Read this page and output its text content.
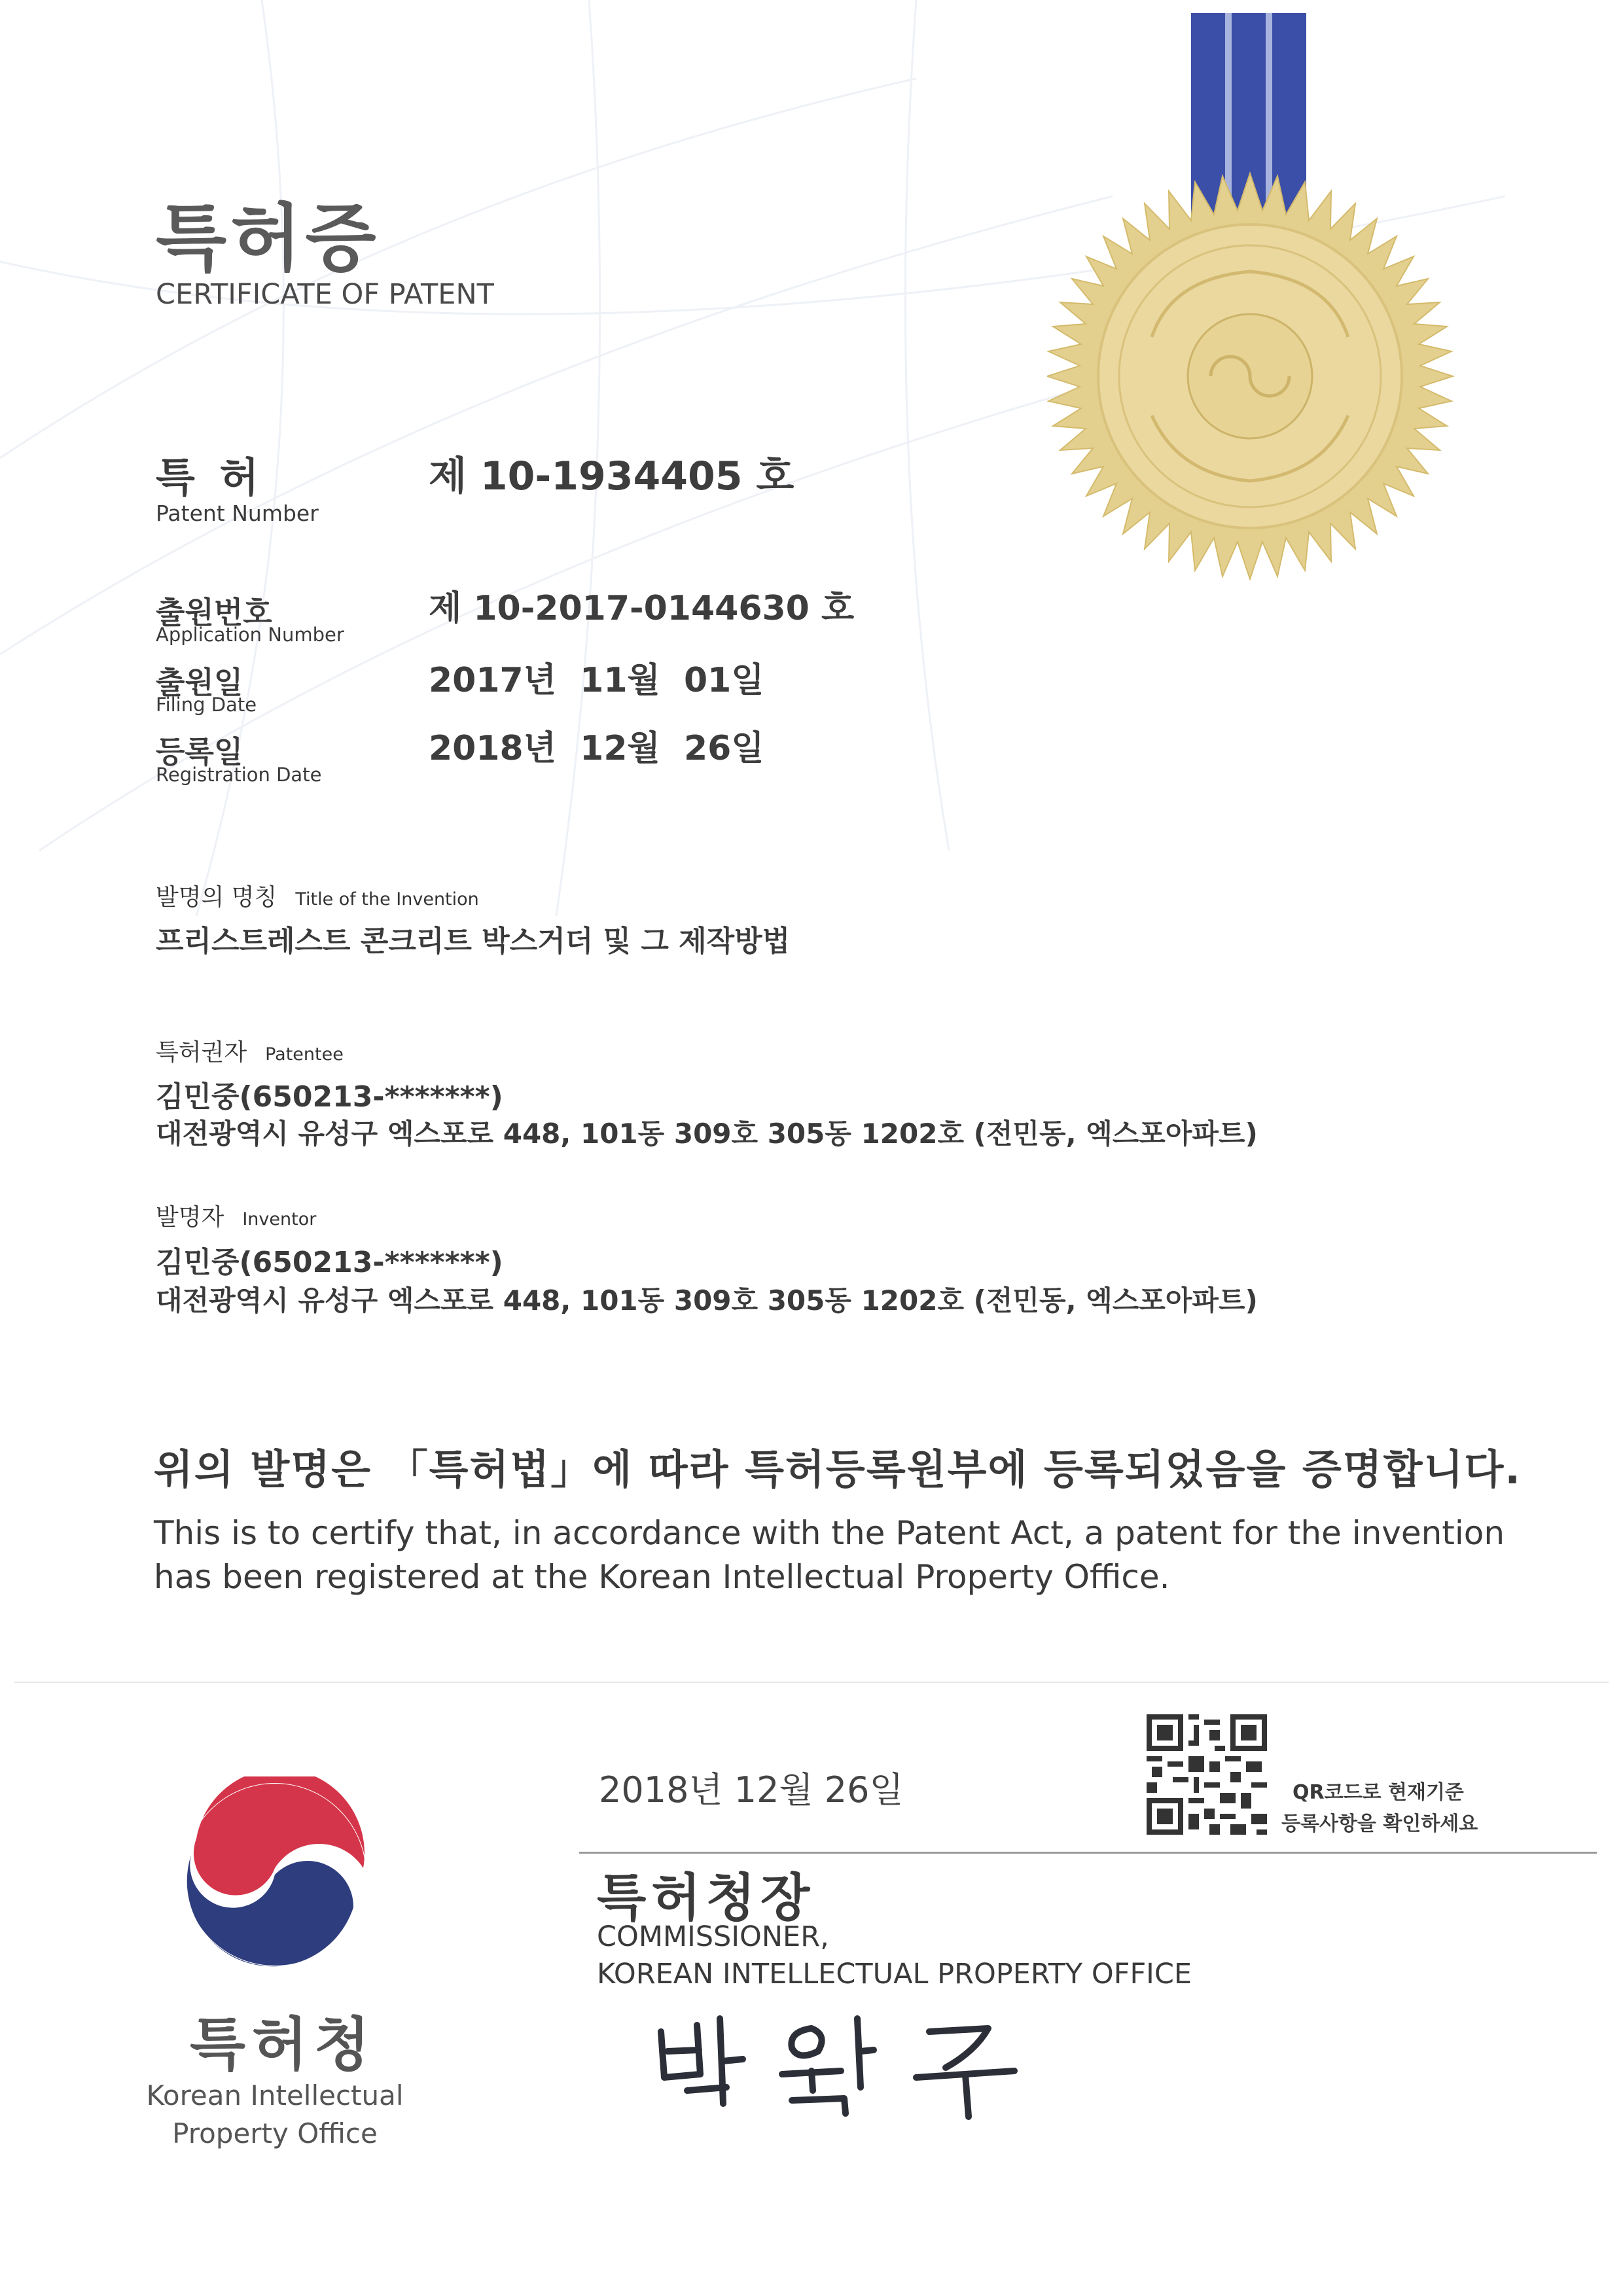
특허증
CERTIFICATE OF PATENT
특 허
Patent Number
제 10-1934405 호
출원번호
Application Number
제 10-2017-0144630 호
출원일
Filing Date
2017년  11월  01일
등록일
Registration Date
2018년  12월  26일
발명의 명칭 Title of the Invention
프리스트레스트 콘크리트 박스거더 및 그 제작방법
특허권자 Patentee
김민중(650213-*******)
대전광역시 유성구 엑스포로 448, 101동 309호 305동 1202호 (전민동, 엑스포아파트)
발명자 Inventor
김민중(650213-*******)
대전광역시 유성구 엑스포로 448, 101동 309호 305동 1202호 (전민동, 엑스포아파트)
위의 발명은 「특허법」에 따라 특허등록원부에 등록되었음을 증명합니다.
This is to certify that, in accordance with the Patent Act, a patent for the invention
has been registered at the Korean Intellectual Property Office.
특허청
Korean Intellectual
Property Office
2018년 12월 26일	QR코드로 현재기준
등록사항을 확인하세요
특허청장
COMMISSIONER,
KOREAN INTELLECTUAL PROPERTY OFFICE
